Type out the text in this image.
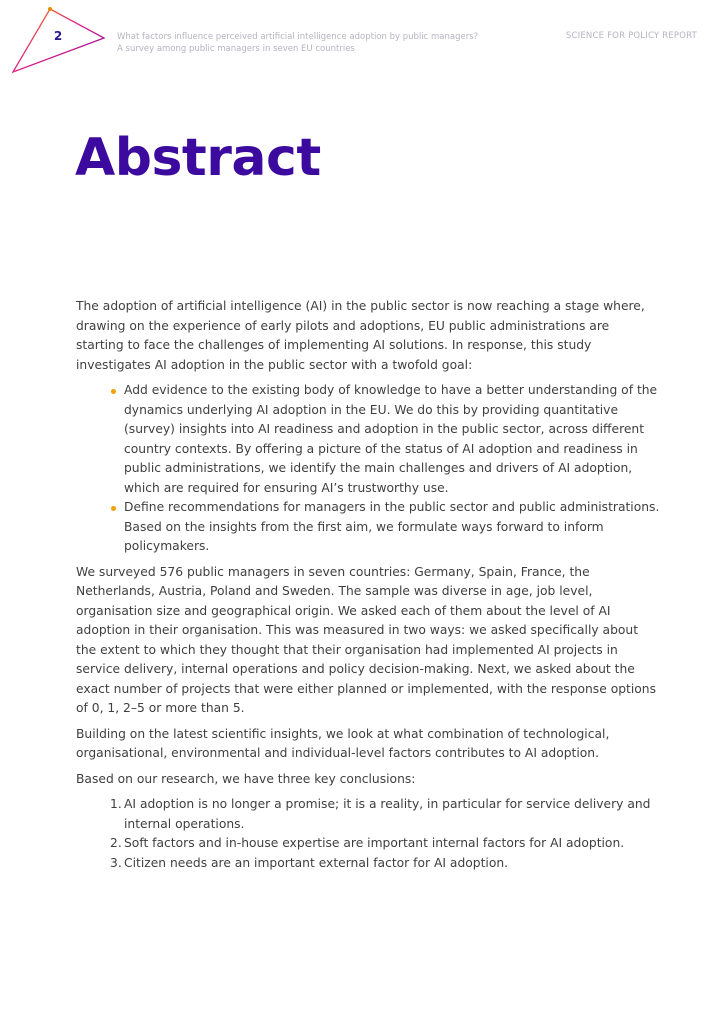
2	What factors influence perceived artificial intelligence adoption by public managers?
A survey among public managers in seven EU countries
SCIENCE FOR POLICY REPORT
Abstract

The adoption of artificial intelligence (AI) in the public sector is now reaching a stage where, drawing on the experience of early pilots and adoptions, EU public administrations are starting to face the challenges of implementing AI solutions. In response, this study investigates AI adoption in the public sector with a twofold goal:

Add evidence to the existing body of knowledge to have a better understanding of the dynamics underlying AI adoption in the EU. We do this by providing quantitative (survey) insights into AI readiness and adoption in the public sector, across different country contexts. By offering a picture of the status of AI adoption and readiness in public administrations, we identify the main challenges and drivers of AI adoption, which are required for ensuring AI’s trustworthy use.
Define recommendations for managers in the public sector and public administrations. Based on the insights from the first aim, we formulate ways forward to inform policymakers.

We surveyed 576 public managers in seven countries: Germany, Spain, France, the Netherlands, Austria, Poland and Sweden. The sample was diverse in age, job level, organisation size and geographical origin. We asked each of them about the level of AI adoption in their organisation. This was measured in two ways: we asked specifically about the extent to which they thought that their organisation had implemented AI projects in service delivery, internal operations and policy decision-making. Next, we asked about the exact number of projects that were either planned or implemented, with the response options of 0, 1, 2–5 or more than 5.

Building on the latest scientific insights, we look at what combination of technological, organisational, environmental and individual-level factors contributes to AI adoption.

Based on our research, we have three key conclusions:

1. AI adoption is no longer a promise; it is a reality, in particular for service delivery and internal operations.
2. Soft factors and in-house expertise are important internal factors for AI adoption.
3. Citizen needs are an important external factor for AI adoption.
